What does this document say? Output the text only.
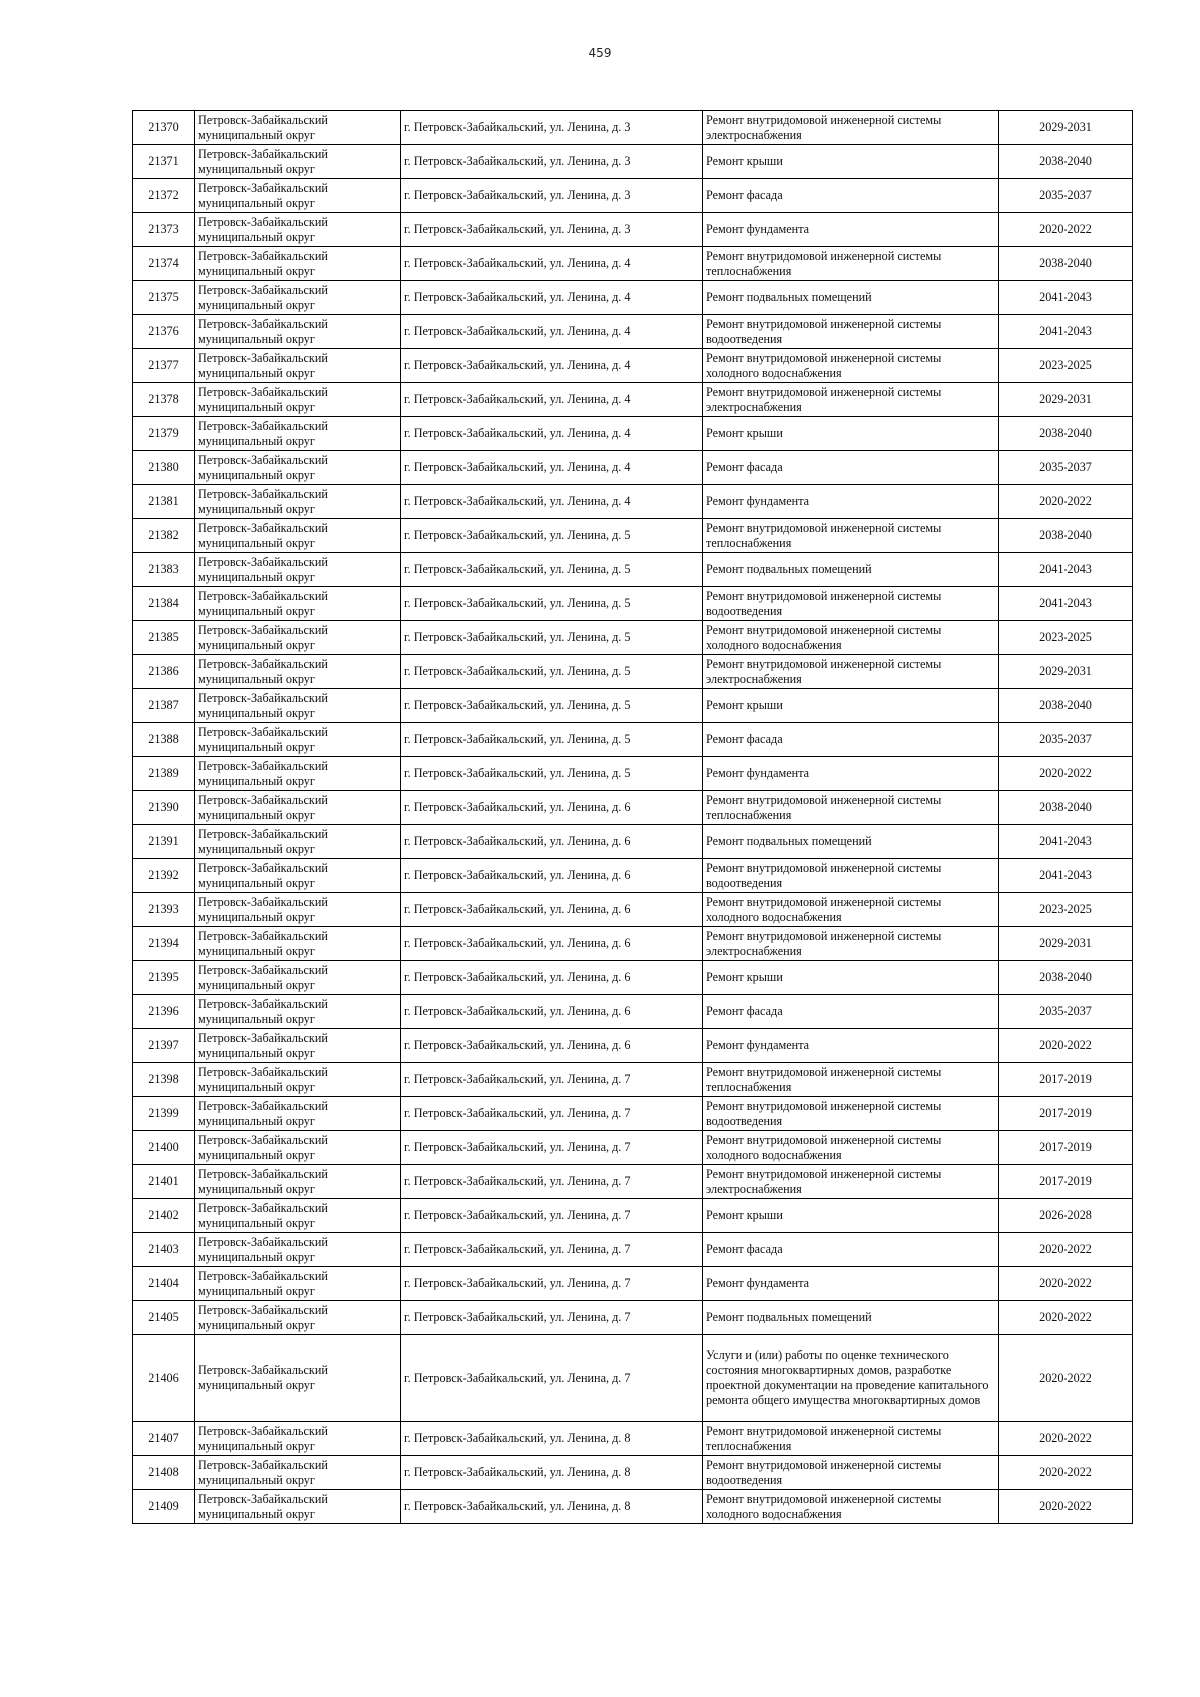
459
21370	Петровск-Забайкальский муниципальный округ	г. Петровск-Забайкальский, ул. Ленина, д. 3	Ремонт внутридомовой инженерной системы электроснабжения	2029-2031
21371	Петровск-Забайкальский муниципальный округ	г. Петровск-Забайкальский, ул. Ленина, д. 3	Ремонт крыши	2038-2040
21372	Петровск-Забайкальский муниципальный округ	г. Петровск-Забайкальский, ул. Ленина, д. 3	Ремонт фасада	2035-2037
21373	Петровск-Забайкальский муниципальный округ	г. Петровск-Забайкальский, ул. Ленина, д. 3	Ремонт фундамента	2020-2022
21374	Петровск-Забайкальский муниципальный округ	г. Петровск-Забайкальский, ул. Ленина, д. 4	Ремонт внутридомовой инженерной системы теплоснабжения	2038-2040
21375	Петровск-Забайкальский муниципальный округ	г. Петровск-Забайкальский, ул. Ленина, д. 4	Ремонт подвальных помещений	2041-2043
21376	Петровск-Забайкальский муниципальный округ	г. Петровск-Забайкальский, ул. Ленина, д. 4	Ремонт внутридомовой инженерной системы водоотведения	2041-2043
21377	Петровск-Забайкальский муниципальный округ	г. Петровск-Забайкальский, ул. Ленина, д. 4	Ремонт внутридомовой инженерной системы холодного водоснабжения	2023-2025
21378	Петровск-Забайкальский муниципальный округ	г. Петровск-Забайкальский, ул. Ленина, д. 4	Ремонт внутридомовой инженерной системы электроснабжения	2029-2031
21379	Петровск-Забайкальский муниципальный округ	г. Петровск-Забайкальский, ул. Ленина, д. 4	Ремонт крыши	2038-2040
21380	Петровск-Забайкальский муниципальный округ	г. Петровск-Забайкальский, ул. Ленина, д. 4	Ремонт фасада	2035-2037
21381	Петровск-Забайкальский муниципальный округ	г. Петровск-Забайкальский, ул. Ленина, д. 4	Ремонт фундамента	2020-2022
21382	Петровск-Забайкальский муниципальный округ	г. Петровск-Забайкальский, ул. Ленина, д. 5	Ремонт внутридомовой инженерной системы теплоснабжения	2038-2040
21383	Петровск-Забайкальский муниципальный округ	г. Петровск-Забайкальский, ул. Ленина, д. 5	Ремонт подвальных помещений	2041-2043
21384	Петровск-Забайкальский муниципальный округ	г. Петровск-Забайкальский, ул. Ленина, д. 5	Ремонт внутридомовой инженерной системы водоотведения	2041-2043
21385	Петровск-Забайкальский муниципальный округ	г. Петровск-Забайкальский, ул. Ленина, д. 5	Ремонт внутридомовой инженерной системы холодного водоснабжения	2023-2025
21386	Петровск-Забайкальский муниципальный округ	г. Петровск-Забайкальский, ул. Ленина, д. 5	Ремонт внутридомовой инженерной системы электроснабжения	2029-2031
21387	Петровск-Забайкальский муниципальный округ	г. Петровск-Забайкальский, ул. Ленина, д. 5	Ремонт крыши	2038-2040
21388	Петровск-Забайкальский муниципальный округ	г. Петровск-Забайкальский, ул. Ленина, д. 5	Ремонт фасада	2035-2037
21389	Петровск-Забайкальский муниципальный округ	г. Петровск-Забайкальский, ул. Ленина, д. 5	Ремонт фундамента	2020-2022
21390	Петровск-Забайкальский муниципальный округ	г. Петровск-Забайкальский, ул. Ленина, д. 6	Ремонт внутридомовой инженерной системы теплоснабжения	2038-2040
21391	Петровск-Забайкальский муниципальный округ	г. Петровск-Забайкальский, ул. Ленина, д. 6	Ремонт подвальных помещений	2041-2043
21392	Петровск-Забайкальский муниципальный округ	г. Петровск-Забайкальский, ул. Ленина, д. 6	Ремонт внутридомовой инженерной системы водоотведения	2041-2043
21393	Петровск-Забайкальский муниципальный округ	г. Петровск-Забайкальский, ул. Ленина, д. 6	Ремонт внутридомовой инженерной системы холодного водоснабжения	2023-2025
21394	Петровск-Забайкальский муниципальный округ	г. Петровск-Забайкальский, ул. Ленина, д. 6	Ремонт внутридомовой инженерной системы электроснабжения	2029-2031
21395	Петровск-Забайкальский муниципальный округ	г. Петровск-Забайкальский, ул. Ленина, д. 6	Ремонт крыши	2038-2040
21396	Петровск-Забайкальский муниципальный округ	г. Петровск-Забайкальский, ул. Ленина, д. 6	Ремонт фасада	2035-2037
21397	Петровск-Забайкальский муниципальный округ	г. Петровск-Забайкальский, ул. Ленина, д. 6	Ремонт фундамента	2020-2022
21398	Петровск-Забайкальский муниципальный округ	г. Петровск-Забайкальский, ул. Ленина, д. 7	Ремонт внутридомовой инженерной системы теплоснабжения	2017-2019
21399	Петровск-Забайкальский муниципальный округ	г. Петровск-Забайкальский, ул. Ленина, д. 7	Ремонт внутридомовой инженерной системы водоотведения	2017-2019
21400	Петровск-Забайкальский муниципальный округ	г. Петровск-Забайкальский, ул. Ленина, д. 7	Ремонт внутридомовой инженерной системы холодного водоснабжения	2017-2019
21401	Петровск-Забайкальский муниципальный округ	г. Петровск-Забайкальский, ул. Ленина, д. 7	Ремонт внутридомовой инженерной системы электроснабжения	2017-2019
21402	Петровск-Забайкальский муниципальный округ	г. Петровск-Забайкальский, ул. Ленина, д. 7	Ремонт крыши	2026-2028
21403	Петровск-Забайкальский муниципальный округ	г. Петровск-Забайкальский, ул. Ленина, д. 7	Ремонт фасада	2020-2022
21404	Петровск-Забайкальский муниципальный округ	г. Петровск-Забайкальский, ул. Ленина, д. 7	Ремонт фундамента	2020-2022
21405	Петровск-Забайкальский муниципальный округ	г. Петровск-Забайкальский, ул. Ленина, д. 7	Ремонт подвальных помещений	2020-2022
21406	Петровск-Забайкальский муниципальный округ	г. Петровск-Забайкальский, ул. Ленина, д. 7	Услуги и (или) работы по оценке технического состояния многоквартирных домов, разработке проектной документации на проведение капитального ремонта общего имущества многоквартирных домов	2020-2022
21407	Петровск-Забайкальский муниципальный округ	г. Петровск-Забайкальский, ул. Ленина, д. 8	Ремонт внутридомовой инженерной системы теплоснабжения	2020-2022
21408	Петровск-Забайкальский муниципальный округ	г. Петровск-Забайкальский, ул. Ленина, д. 8	Ремонт внутридомовой инженерной системы водоотведения	2020-2022
21409	Петровск-Забайкальский муниципальный округ	г. Петровск-Забайкальский, ул. Ленина, д. 8	Ремонт внутридомовой инженерной системы холодного водоснабжения	2020-2022
